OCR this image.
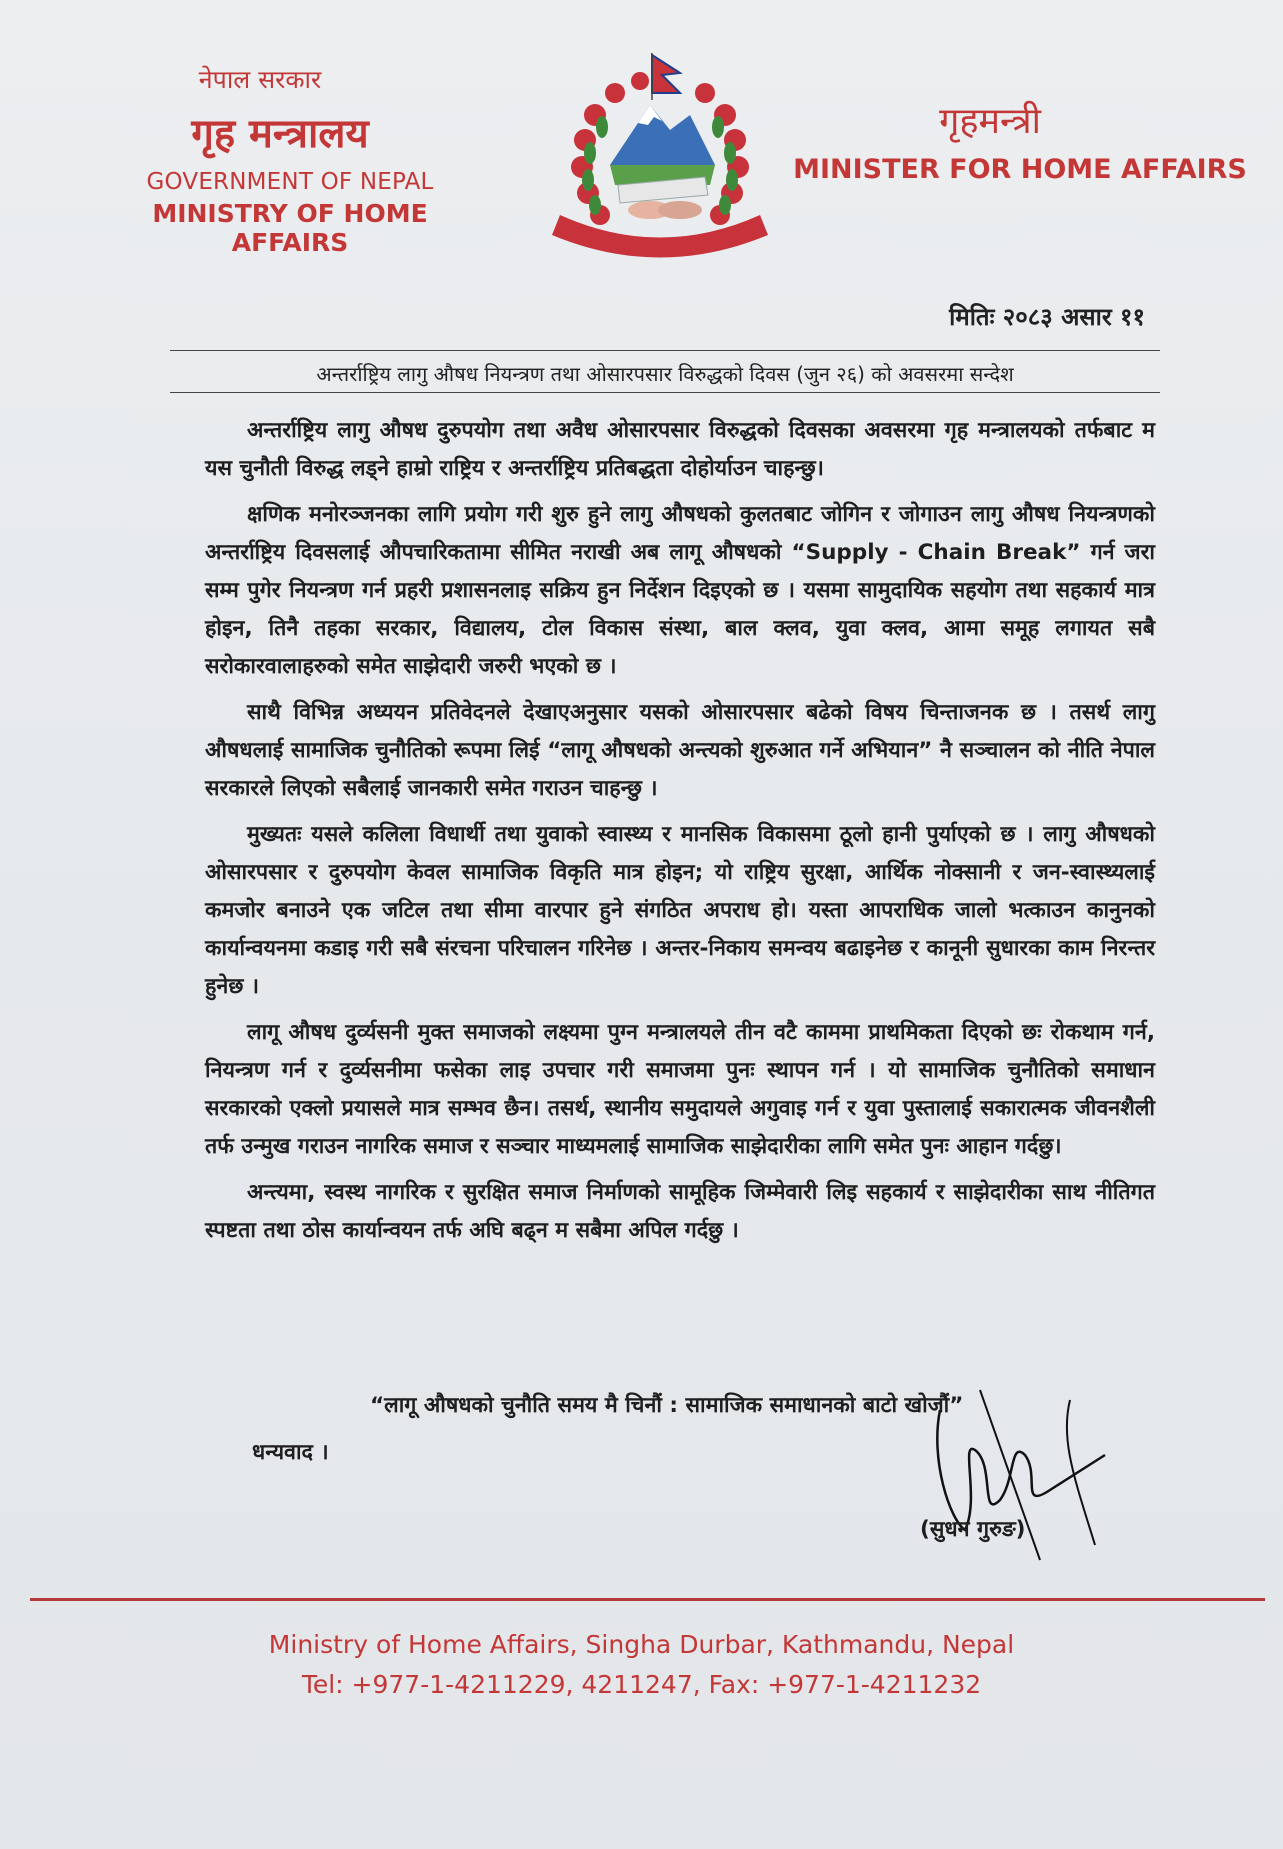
नेपाल सरकार
गृह मन्त्रालय
GOVERNMENT OF NEPAL
MINISTRY OF HOME AFFAIRS
गृहमन्त्री
MINISTER FOR HOME AFFAIRS
मितिः २०८३ असार ११
अन्तर्राष्ट्रिय लागु औषध नियन्त्रण तथा ओसारपसार विरुद्धको दिवस (जुन २६) को अवसरमा सन्देश

अन्तर्राष्ट्रिय लागु औषध दुरुपयोग तथा अवैध ओसारपसार विरुद्धको दिवसका अवसरमा गृह मन्त्रालयको तर्फबाट म यस चुनौती विरुद्ध लड्ने हाम्रो राष्ट्रिय र अन्तर्राष्ट्रिय प्रतिबद्धता दोहोर्याउन चाहन्छु।

क्षणिक मनोरञ्जनका लागि प्रयोग गरी शुरु हुने लागु औषधको कुलतबाट जोगिन र जोगाउन लागु औषध नियन्त्रणको अन्तर्राष्ट्रिय दिवसलाई औपचारिकतामा सीमित नराखी अब लागू औषधको “Supply - Chain Break” गर्न जरा सम्म पुगेर नियन्त्रण गर्न प्रहरी प्रशासनलाइ सक्रिय हुन निर्देशन दिइएको छ । यसमा सामुदायिक सहयोग तथा सहकार्य मात्र होइन, तिनै तहका सरकार, विद्यालय, टोल विकास संस्था, बाल क्लव, युवा क्लव, आमा समूह लगायत सबै सरोकारवालाहरुको समेत साझेदारी जरुरी भएको छ ।

साथै विभिन्न अध्ययन प्रतिवेदनले देखाएअनुसार यसको ओसारपसार बढेको विषय चिन्ताजनक छ । तसर्थ लागु औषधलाई सामाजिक चुनौतिको रूपमा लिई “लागू औषधको अन्त्यको शुरुआत गर्ने अभियान” नै सञ्चालन को नीति नेपाल सरकारले लिएको सबैलाई जानकारी समेत गराउन चाहन्छु ।

मुख्यतः यसले कलिला विधार्थी तथा युवाको स्वास्थ्य र मानसिक विकासमा ठूलो हानी पुर्याएको छ । लागु औषधको ओसारपसार र दुरुपयोग केवल सामाजिक विकृति मात्र होइन; यो राष्ट्रिय सुरक्षा, आर्थिक नोक्सानी र जन-स्वास्थ्यलाई कमजोर बनाउने एक जटिल तथा सीमा वारपार हुने संगठित अपराध हो। यस्ता आपराधिक जालो भत्काउन कानुनको कार्यान्वयनमा कडाइ गरी सबै संरचना परिचालन गरिनेछ । अन्तर-निकाय समन्वय बढाइनेछ र कानूनी सुधारका काम निरन्तर हुनेछ ।

लागू औषध दुर्व्यसनी मुक्त समाजको लक्ष्यमा पुग्न मन्त्रालयले तीन वटै काममा प्राथमिकता दिएको छः रोकथाम गर्न, नियन्त्रण गर्न र दुर्व्यसनीमा फसेका लाइ उपचार गरी समाजमा पुनः स्थापन गर्न । यो सामाजिक चुनौतिको समाधान सरकारको एक्लो प्रयासले मात्र सम्भव छैन। तसर्थ, स्थानीय समुदायले अगुवाइ गर्न र युवा पुस्तालाई सकारात्मक जीवनशैली तर्फ उन्मुख गराउन नागरिक समाज र सञ्चार माध्यमलाई सामाजिक साझेदारीका लागि समेत पुनः आहान गर्दछु।

अन्त्यमा, स्वस्थ नागरिक र सुरक्षित समाज निर्माणको सामूहिक जिम्मेवारी लिइ सहकार्य र साझेदारीका साथ नीतिगत स्पष्टता तथा ठोस कार्यान्वयन तर्फ अघि बढ्न म सबैमा अपिल गर्दछु ।

“लागू औषधको चुनौति समय मै चिनौं : सामाजिक समाधानको बाटो खोजौं”
धन्यवाद ।
(सुधन गुरुङ)
Ministry of Home Affairs, Singha Durbar, Kathmandu, Nepal
Tel: +977-1-4211229, 4211247, Fax: +977-1-4211232
